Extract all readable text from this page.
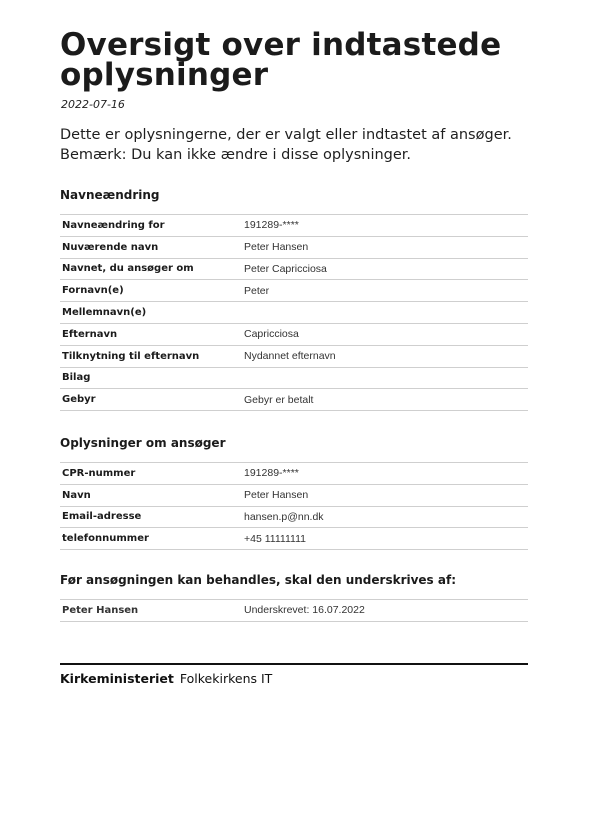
Oversigt over indtastede oplysninger
2022-07-16
Dette er oplysningerne, der er valgt eller indtastet af ansøger.
Bemærk: Du kan ikke ændre i disse oplysninger.
Navneændring
Navneændring for	191289-****
Nuværende navn	Peter Hansen
Navnet, du ansøger om	Peter Capricciosa
Fornavn(e)	Peter
Mellemnavn(e)	
Efternavn	Capricciosa
Tilknytning til efternavn	Nydannet efternavn
Bilag	
Gebyr	Gebyr er betalt
Oplysninger om ansøger
CPR-nummer	191289-****
Navn	Peter Hansen
Email-adresse	hansen.p@nn.dk
telefonnummer	+45 11111111
Før ansøgningen kan behandles, skal den underskrives af:
Peter Hansen	Underskrevet: 16.07.2022
Kirkeministeriet Folkekirkens IT
